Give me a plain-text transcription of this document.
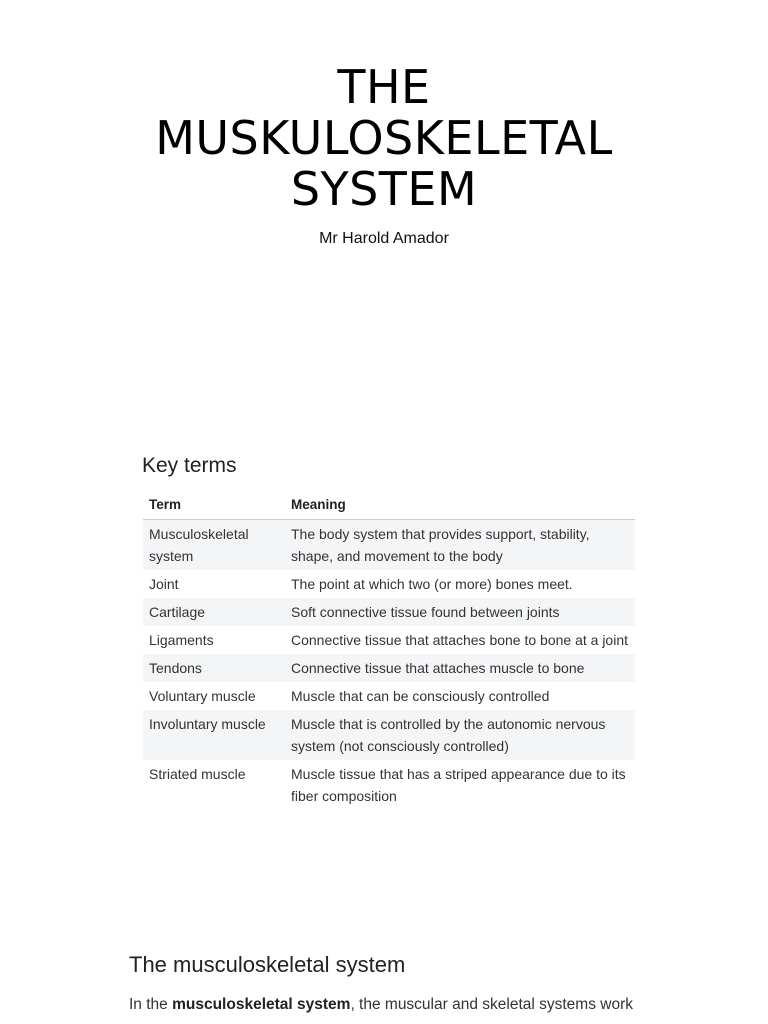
THE
MUSKULOSKELETAL
SYSTEM
Mr Harold Amador
Key terms
Term	Meaning
Musculoskeletal system	The body system that provides support, stability, shape, and movement to the body
Joint	The point at which two (or more) bones meet.
Cartilage	Soft connective tissue found between joints
Ligaments	Connective tissue that attaches bone to bone at a joint
Tendons	Connective tissue that attaches muscle to bone
Voluntary muscle	Muscle that can be consciously controlled
Involuntary muscle	Muscle that is controlled by the autonomic nervous system (not consciously controlled)
Striated muscle	Muscle tissue that has a striped appearance due to its fiber composition
The musculoskeletal system

In the musculoskeletal system, the muscular and skeletal systems work
